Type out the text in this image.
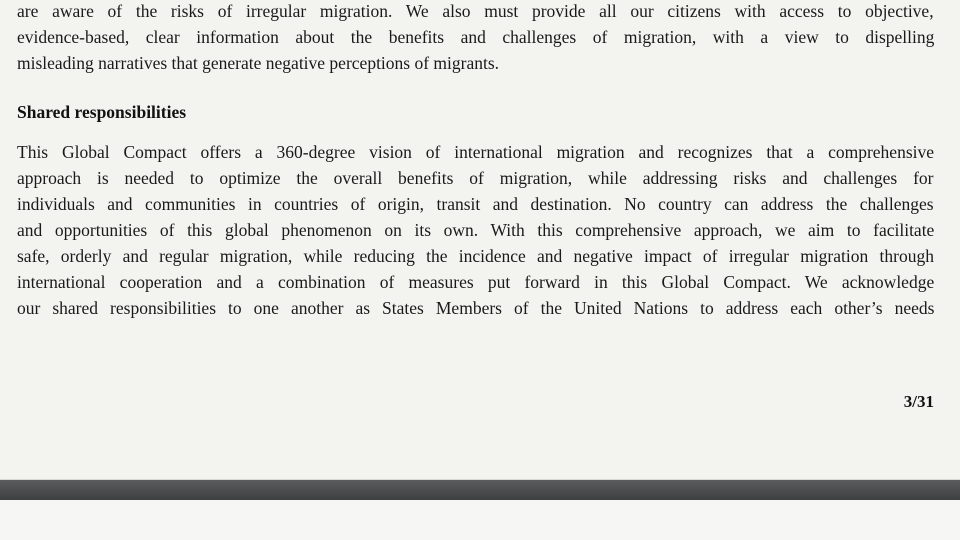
are aware of the risks of irregular migration. We also must provide all our citizens with access to objective,
evidence-based, clear information about the benefits and challenges of migration, with a view to dispelling
misleading narratives that generate negative perceptions of migrants.
Shared responsibilities
This Global Compact offers a 360-degree vision of international migration and recognizes that a comprehensive
approach is needed to optimize the overall benefits of migration, while addressing risks and challenges for
individuals and communities in countries of origin, transit and destination. No country can address the challenges
and opportunities of this global phenomenon on its own. With this comprehensive approach, we aim to facilitate
safe, orderly and regular migration, while reducing the incidence and negative impact of irregular migration through
international cooperation and a combination of measures put forward in this Global Compact. We acknowledge
our shared responsibilities to one another as States Members of the United Nations to address each other’s needs
3/31
